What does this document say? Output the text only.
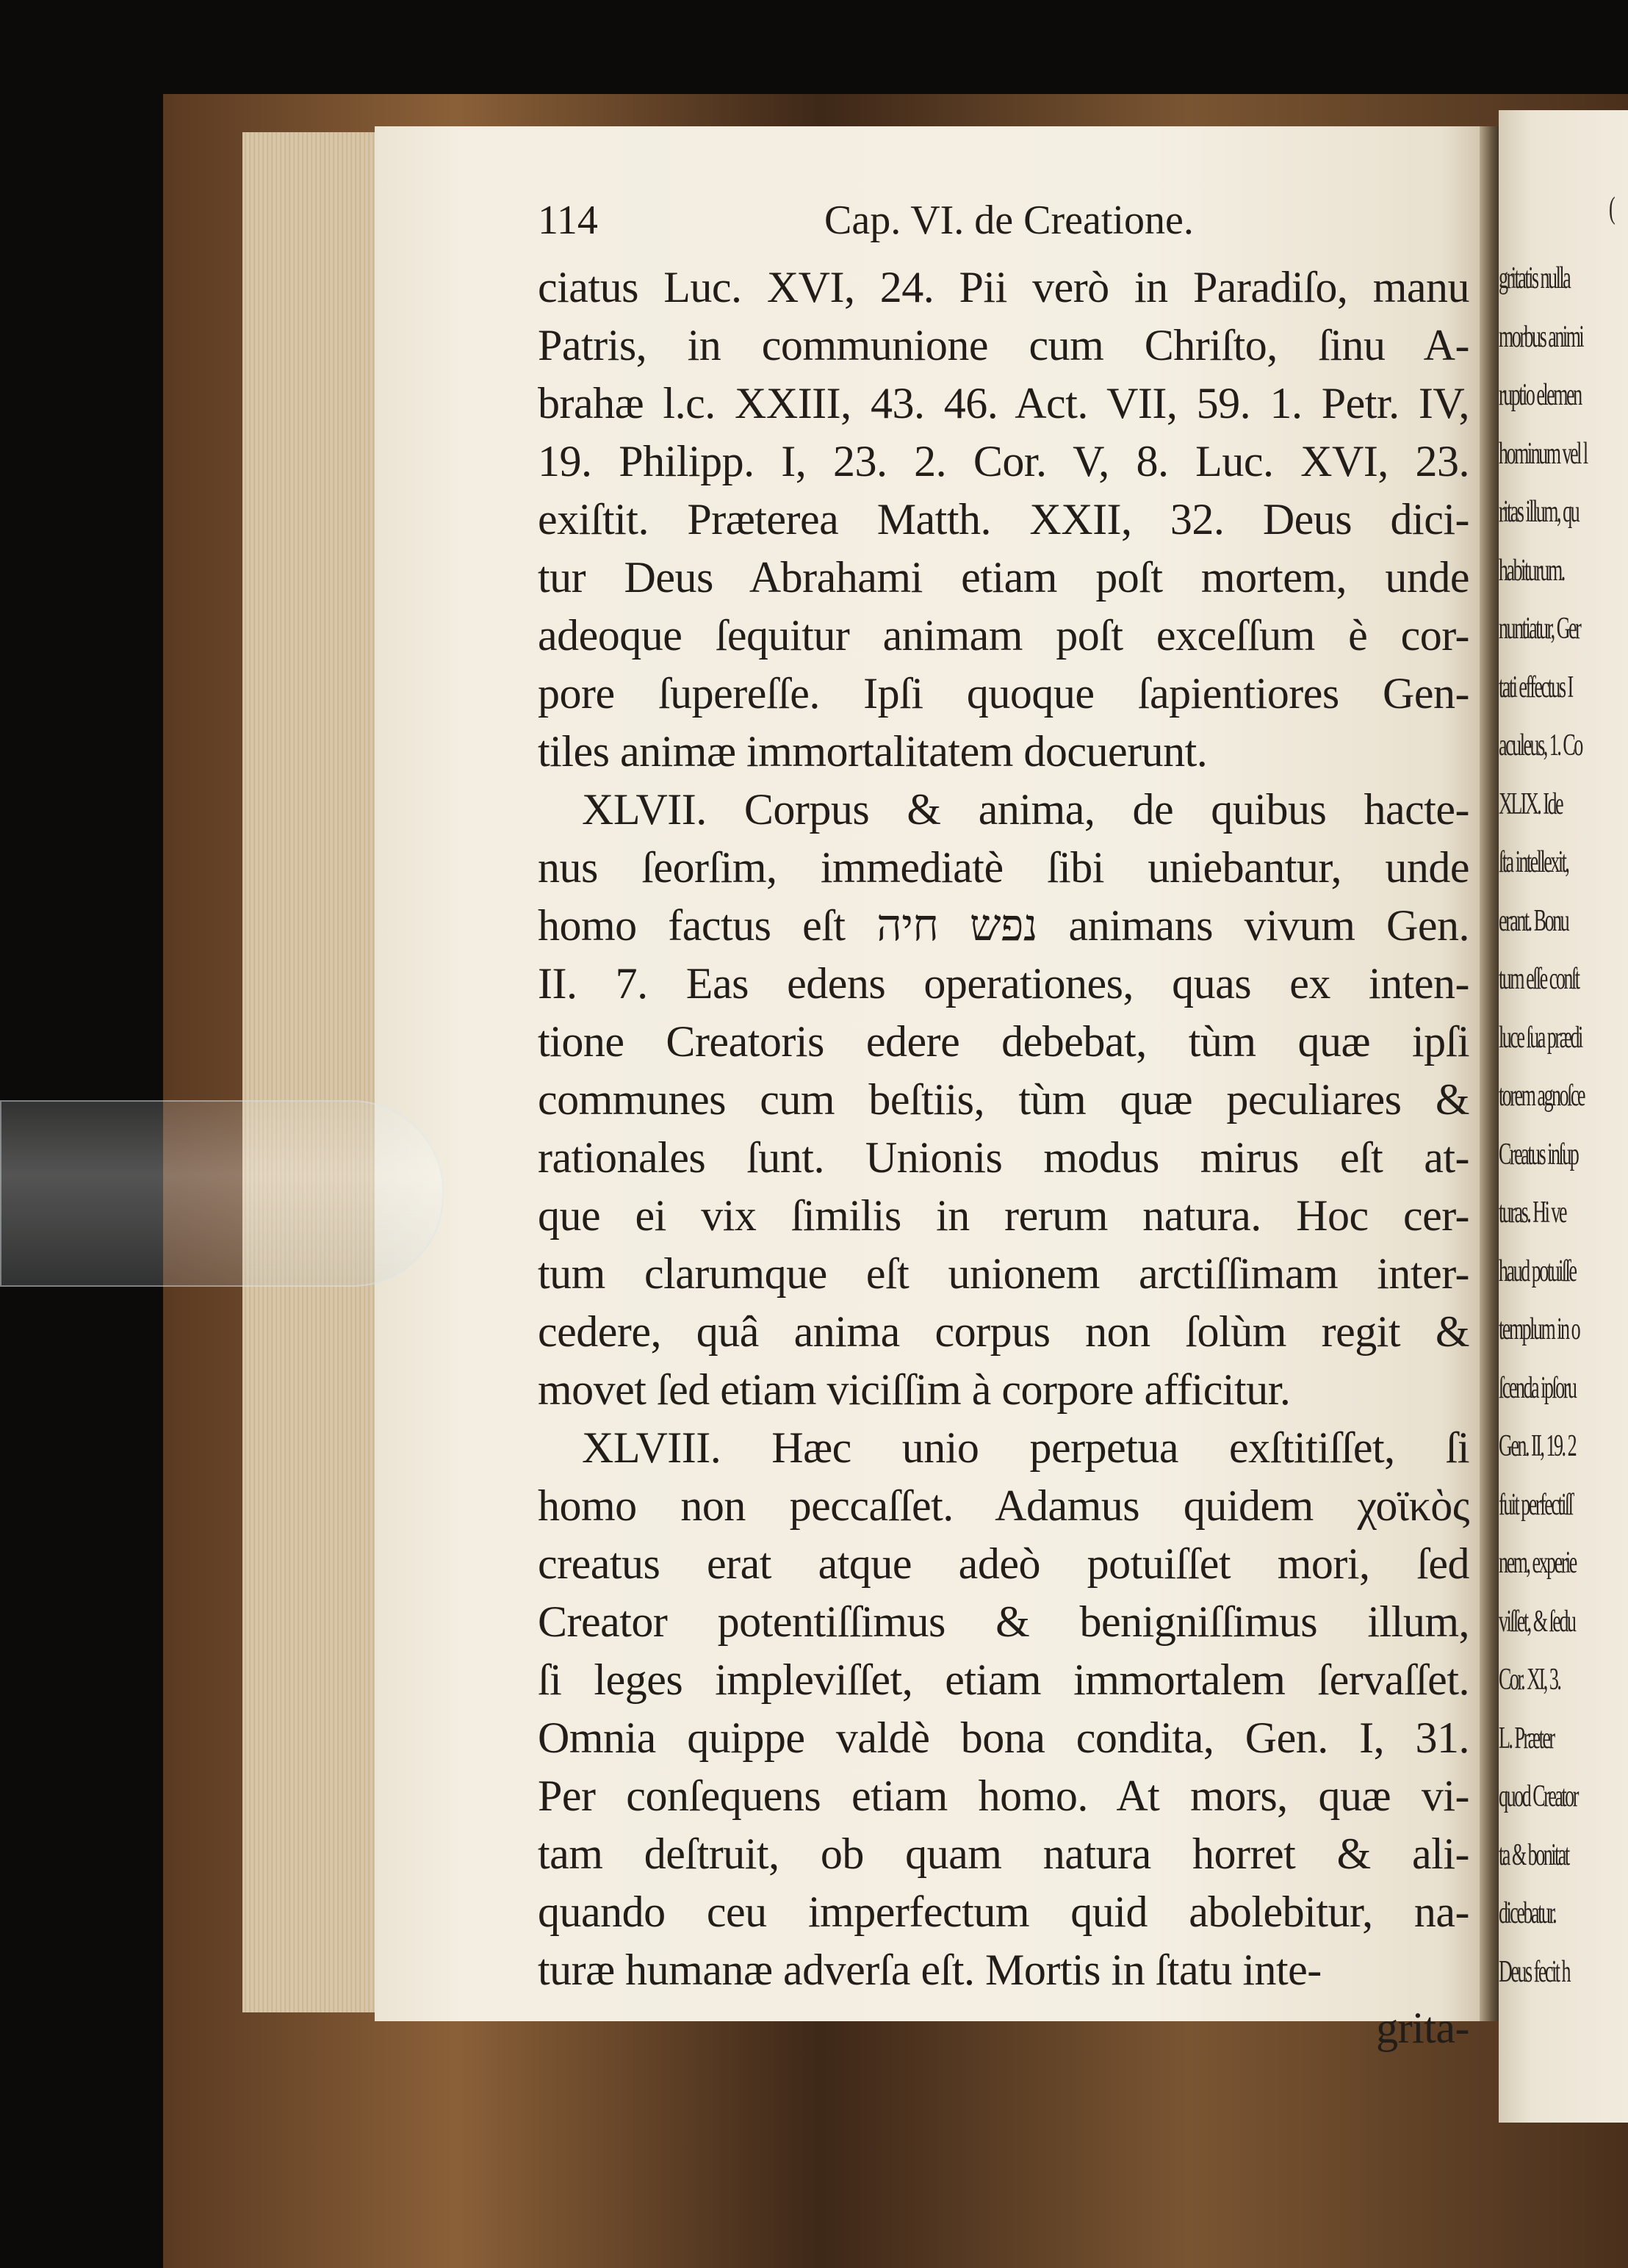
(
gritatis nulla
morbus animi
ruptio elemen
hominum vel l
ritas illum, qu
habiturum.
nuntiatur, Ger
tati effectus I
aculeus, 1. Co
XLIX. Ide
ſta intellexit,
erant. Bonu
tum eſſe conſt
luce ſua prædi
torem agnoſce
Creatus inſup
turas. Hi ve
haud potuiſſe
templum in o
ſcenda ipſoru
Gen. II, 19. 2
fuit perfectiſſ
nem, experie
viſſet, & ſedu
Cor. XI, 3.
L. Præter
quod Creator
ta & bonitat
dicebatur.
Deus fecit h
114	Cap. VI. de Creatione.
ciatus Luc. XVI, 24. Pii verò in Paradiſo, manu
Patris, in communione cum Chriſto, ſinu A-
brahæ l.c. XXIII, 43. 46. Act. VII, 59. 1. Petr. IV,
19. Philipp. I, 23. 2. Cor. V, 8. Luc. XVI, 23.
exiſtit. Præterea Matth. XXII, 32. Deus dici-
tur Deus Abrahami etiam poſt mortem, unde
adeoque ſequitur animam poſt exceſſum è cor-
pore ſupereſſe. Ipſi quoque ſapientiores Gen-
tiles animæ immortalitatem docuerunt.
XLVII. Corpus & anima, de quibus hacte-
nus ſeorſim, immediatè ſibi uniebantur, unde
homo factus eſt נפש חיה animans vivum Gen.
II. 7. Eas edens operationes, quas ex inten-
tione Creatoris edere debebat, tùm quæ ipſi
communes cum beſtiis, tùm quæ peculiares &
rationales ſunt. Unionis modus mirus eſt at-
que ei vix ſimilis in rerum natura. Hoc cer-
tum clarumque eſt unionem arctiſſimam inter-
cedere, quâ anima corpus non ſolùm regit &
movet ſed etiam viciſſim à corpore afficitur.
XLVIII. Hæc unio perpetua exſtitiſſet, ſi
homo non peccaſſet. Adamus quidem χοϊκὸς
creatus erat atque adeò potuiſſet mori, ſed
Creator potentiſſimus & benigniſſimus illum,
ſi leges impleviſſet, etiam immortalem ſervaſſet.
Omnia quippe valdè bona condita, Gen. I, 31.
Per conſequens etiam homo. At mors, quæ vi-
tam deſtruit, ob quam natura horret & ali-
quando ceu imperfectum quid abolebitur, na-
turæ humanæ adverſa eſt. Mortis in ſtatu inte-
grita-
